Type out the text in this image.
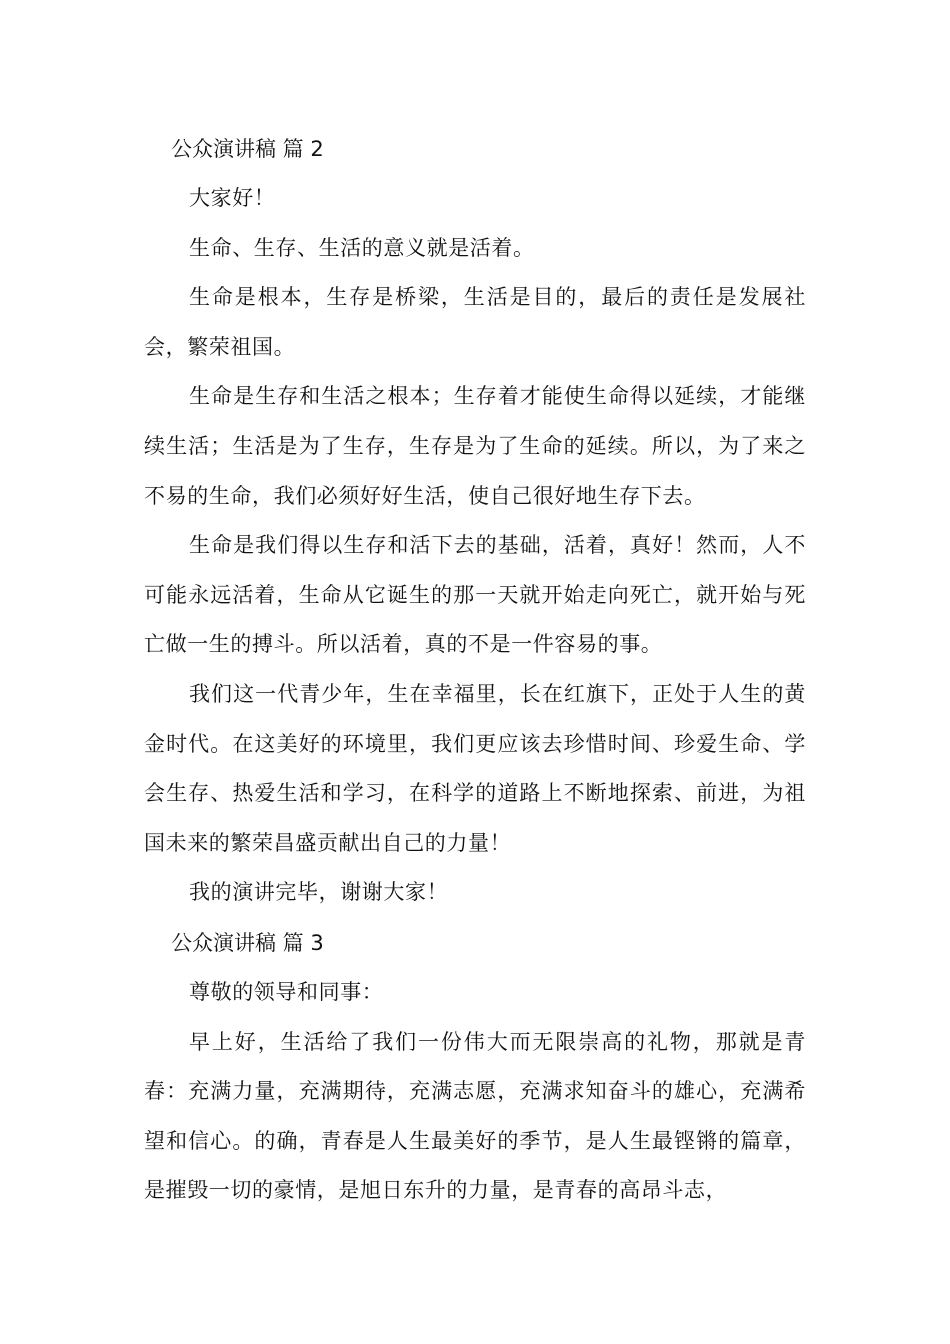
公众演讲稿 篇 2

大家好！

生命、生存、生活的意义就是活着。

生命是根本，生存是桥梁，生活是目的，最后的责任是发展社会，繁荣祖国。

生命是生存和生活之根本；生存着才能使生命得以延续，才能继续生活；生活是为了生存，生存是为了生命的延续。所以，为了来之不易的生命，我们必须好好生活，使自己很好地生存下去。

生命是我们得以生存和活下去的基础，活着，真好！然而，人不可能永远活着，生命从它诞生的那一天就开始走向死亡，就开始与死亡做一生的搏斗。所以活着，真的不是一件容易的事。

我们这一代青少年，生在幸福里，长在红旗下，正处于人生的黄金时代。在这美好的环境里，我们更应该去珍惜时间、珍爱生命、学会生存、热爱生活和学习，在科学的道路上不断地探索、前进，为祖国未来的繁荣昌盛贡献出自己的力量！

我的演讲完毕，谢谢大家！

公众演讲稿 篇 3

尊敬的领导和同事：

早上好，生活给了我们一份伟大而无限崇高的礼物，那就是青春：充满力量，充满期待，充满志愿，充满求知奋斗的雄心，充满希望和信心。的确，青春是人生最美好的季节，是人生最铿锵的篇章，是摧毁一切的豪情，是旭日东升的力量，是青春的高昂斗志，
